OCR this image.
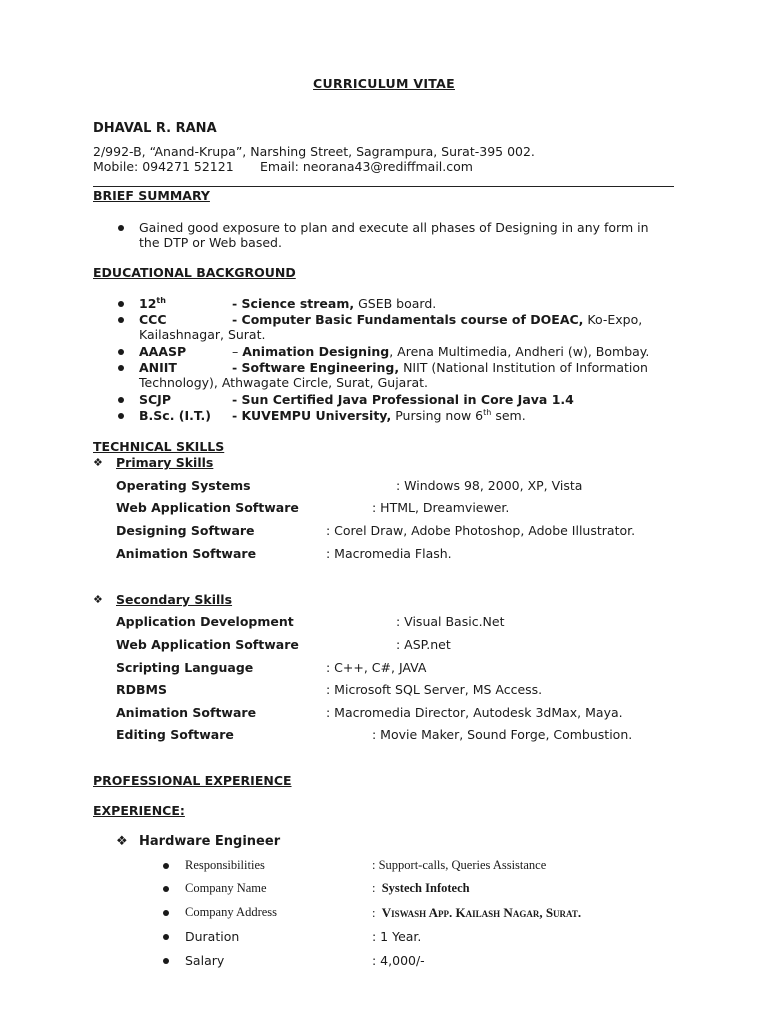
CURRICULUM VITAE
DHAVAL R. RANA
2/992-B, “Anand-Krupa”, Narshing Street, Sagrampura, Surat-395 002.
Mobile: 094271 52121 Email: neorana43@rediffmail.com
BRIEF SUMMARY
Gained good exposure to plan and execute all phases of Designing in any form in
the DTP or Web based.
EDUCATIONAL BACKGROUND
12th	- Science stream, GSEB board.
CCC	- Computer Basic Fundamentals course of DOEAC, Ko-Expo,
Kailashnagar, Surat.
AAASP	– Animation Designing, Arena Multimedia, Andheri (w), Bombay.
ANIIT	- Software Engineering, NIIT (National Institution of Information
Technology), Athwagate Circle, Surat, Gujarat.
SCJP	- Sun Certified Java Professional in Core Java 1.4
B.Sc. (I.T.) - KUVEMPU University, Pursing now 6th sem.
TECHNICAL SKILLS
❖ Primary Skills
Operating Systems	: Windows 98, 2000, XP, Vista
Web Application Software	: HTML, Dreamviewer.
Designing Software	: Corel Draw, Adobe Photoshop, Adobe Illustrator.
Animation Software	: Macromedia Flash.
❖ Secondary Skills
Application Development	: Visual Basic.Net
Web Application Software	: ASP.net
Scripting Language	: C++, C#, JAVA
RDBMS	: Microsoft SQL Server, MS Access.
Animation Software	: Macromedia Director, Autodesk 3dMax, Maya.
Editing Software	: Movie Maker, Sound Forge, Combustion.
PROFESSIONAL EXPERIENCE
EXPERIENCE:
❖ Hardware Engineer
Responsibilities	: Support-calls, Queries Assistance
Company Name	: Systech Infotech
Company Address	: Viswash App. Kailash Nagar, Surat.
Duration	: 1 Year.
Salary	: 4,000/-
